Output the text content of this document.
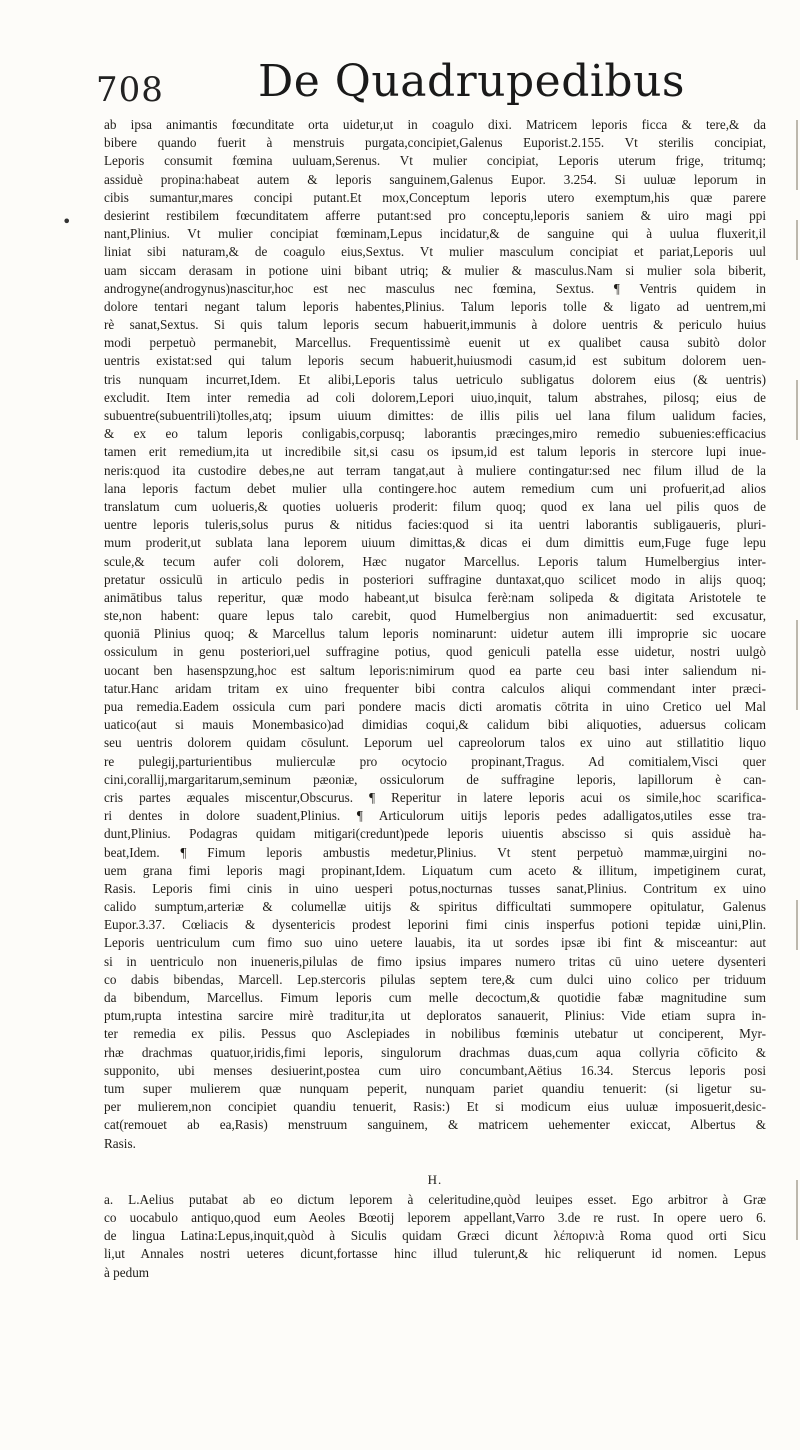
708 De Quadrupedibus
•
ab ipsa animantis fœcunditate orta uidetur,ut in coagulo dixi. Matricem leporis ficca & tere,& da
bibere quando fuerit à menstruis purgata,concipiet,Galenus Euporist.2.155. Vt sterilis concipiat,
Leporis consumit fœmina uuluam,Serenus. Vt mulier concipiat, Leporis uterum frige, tritumq;
assiduè propina:habeat autem & leporis sanguinem,Galenus Eupor. 3.254. Si uuluæ leporum in
cibis sumantur,mares concipi putant.Et mox,Conceptum leporis utero exemptum,his quæ parere
desierint restibilem fœcunditatem afferre putant:sed pro conceptu,leporis saniem & uiro magi ppi
nant,Plinius. Vt mulier concipiat fœminam,Lepus incidatur,& de sanguine qui à uulua fluxerit,il
liniat sibi naturam,& de coagulo eius,Sextus. Vt mulier masculum concipiat et pariat,Leporis uul
uam siccam derasam in potione uini bibant utriq; & mulier & masculus.Nam si mulier sola biberit,
androgyne(androgynus)nascitur,hoc est nec masculus nec fœmina, Sextus. ¶ Ventris quidem in
dolore tentari negant talum leporis habentes,Plinius. Talum leporis tolle & ligato ad uentrem,mi
rè sanat,Sextus. Si quis talum leporis secum habuerit,immunis à dolore uentris & periculo huius
modi perpetuò permanebit, Marcellus. Frequentissimè euenit ut ex qualibet causa subitò dolor
uentris existat:sed qui talum leporis secum habuerit,huiusmodi casum,id est subitum dolorem uen-
tris nunquam incurret,Idem. Et alibi,Leporis talus uetriculo subligatus dolorem eius (& uentris)
excludit. Item inter remedia ad coli dolorem,Lepori uiuo,inquit, talum abstrahes, pilosq; eius de
subuentre(subuentrili)tolles,atq; ipsum uiuum dimittes: de illis pilis uel lana filum ualidum facies,
& ex eo talum leporis conligabis,corpusq; laborantis præcinges,miro remedio subuenies:efficacius
tamen erit remedium,ita ut incredibile sit,si casu os ipsum,id est talum leporis in stercore lupi inue-
neris:quod ita custodire debes,ne aut terram tangat,aut à muliere contingatur:sed nec filum illud de la
lana leporis factum debet mulier ulla contingere.hoc autem remedium cum uni profuerit,ad alios
translatum cum uolueris,& quoties uolueris proderit: filum quoq; quod ex lana uel pilis quos de
uentre leporis tuleris,solus purus & nitidus facies:quod si ita uentri laborantis subligaueris, pluri-
mum proderit,ut sublata lana leporem uiuum dimittas,& dicas ei dum dimittis eum,Fuge fuge lepu
scule,& tecum aufer coli dolorem, Hæc nugator Marcellus. Leporis talum Humelbergius inter-
pretatur ossiculū in articulo pedis in posteriori suffragine duntaxat,quo scilicet modo in alijs quoq;
animātibus talus reperitur, quæ modo habeant,ut bisulca ferè:nam solipeda & digitata Aristotele te
ste,non habent: quare lepus talo carebit, quod Humelbergius non animaduertit: sed excusatur,
quoniā Plinius quoq; & Marcellus talum leporis nominarunt: uidetur autem illi improprie sic uocare
ossiculum in genu posteriori,uel suffragine potius, quod geniculi patella esse uidetur, nostri uulgò
uocant ben hasenspzung,hoc est saltum leporis:nimirum quod ea parte ceu basi inter saliendum ni-
tatur.Hanc aridam tritam ex uino frequenter bibi contra calculos aliqui commendant inter præci-
pua remedia.Eadem ossicula cum pari pondere macis dicti aromatis cōtrita in uino Cretico uel Mal
uatico(aut si mauis Monembasico)ad dimidias coqui,& calidum bibi aliquoties, aduersus colicam
seu uentris dolorem quidam cōsulunt. Leporum uel capreolorum talos ex uino aut stillatitio liquo
re pulegij,parturientibus mulierculæ pro ocytocio propinant,Tragus. Ad comitialem,Visci quer
cini,corallij,margaritarum,seminum pæoniæ, ossiculorum de suffragine leporis, lapillorum è can-
cris partes æquales miscentur,Obscurus. ¶ Reperitur in latere leporis acui os simile,hoc scarifica-
ri dentes in dolore suadent,Plinius. ¶ Articulorum uitijs leporis pedes adalligatos,utiles esse tra-
dunt,Plinius. Podagras quidam mitigari(credunt)pede leporis uiuentis abscisso si quis assiduè ha-
beat,Idem. ¶ Fimum leporis ambustis medetur,Plinius. Vt stent perpetuò mammæ,uirgini no-
uem grana fimi leporis magi propinant,Idem. Liquatum cum aceto & illitum, impetiginem curat,
Rasis. Leporis fimi cinis in uino uesperi potus,nocturnas tusses sanat,Plinius. Contritum ex uino
calido sumptum,arteriæ & columellæ uitijs & spiritus difficultati summopere opitulatur, Galenus
Eupor.3.37. Cœliacis & dysentericis prodest leporini fimi cinis insperfus potioni tepidæ uini,Plin.
Leporis uentriculum cum fimo suo uino uetere lauabis, ita ut sordes ipsæ ibi fint & misceantur: aut
si in uentriculo non inueneris,pilulas de fimo ipsius impares numero tritas cū uino uetere dysenteri
co dabis bibendas, Marcell. Lep.stercoris pilulas septem tere,& cum dulci uino colico per triduum
da bibendum, Marcellus. Fimum leporis cum melle decoctum,& quotidie fabæ magnitudine sum
ptum,rupta intestina sarcire mirè traditur,ita ut deploratos sanauerit, Plinius: Vide etiam supra in-
ter remedia ex pilis. Pessus quo Asclepiades in nobilibus fœminis utebatur ut conciperent, Myr-
rhæ drachmas quatuor,iridis,fimi leporis, singulorum drachmas duas,cum aqua collyria cōficito &
supponito, ubi menses desiuerint,postea cum uiro concumbant,Aëtius 16.34. Stercus leporis posi
tum super mulierem quæ nunquam peperit, nunquam pariet quandiu tenuerit: (si ligetur su-
per mulierem,non concipiet quandiu tenuerit, Rasis:) Et si modicum eius uuluæ imposuerit,desic-
cat(remouet ab ea,Rasis) menstruum sanguinem, & matricem uehementer exiccat, Albertus &
Rasis.
H.
a. L.Aelius putabat ab eo dictum leporem à celeritudine,quòd leuipes esset. Ego arbitror à Græ
co uocabulo antiquo,quod eum Aeoles Bœotij leporem appellant,Varro 3.de re rust. In opere uero 6.
de lingua Latina:Lepus,inquit,quòd à Siculis quidam Græci dicunt λέποριν:à Roma quod orti Sicu
li,ut Annales nostri ueteres dicunt,fortasse hinc illud tulerunt,& hic reliquerunt id nomen. Lepus
à pedum
